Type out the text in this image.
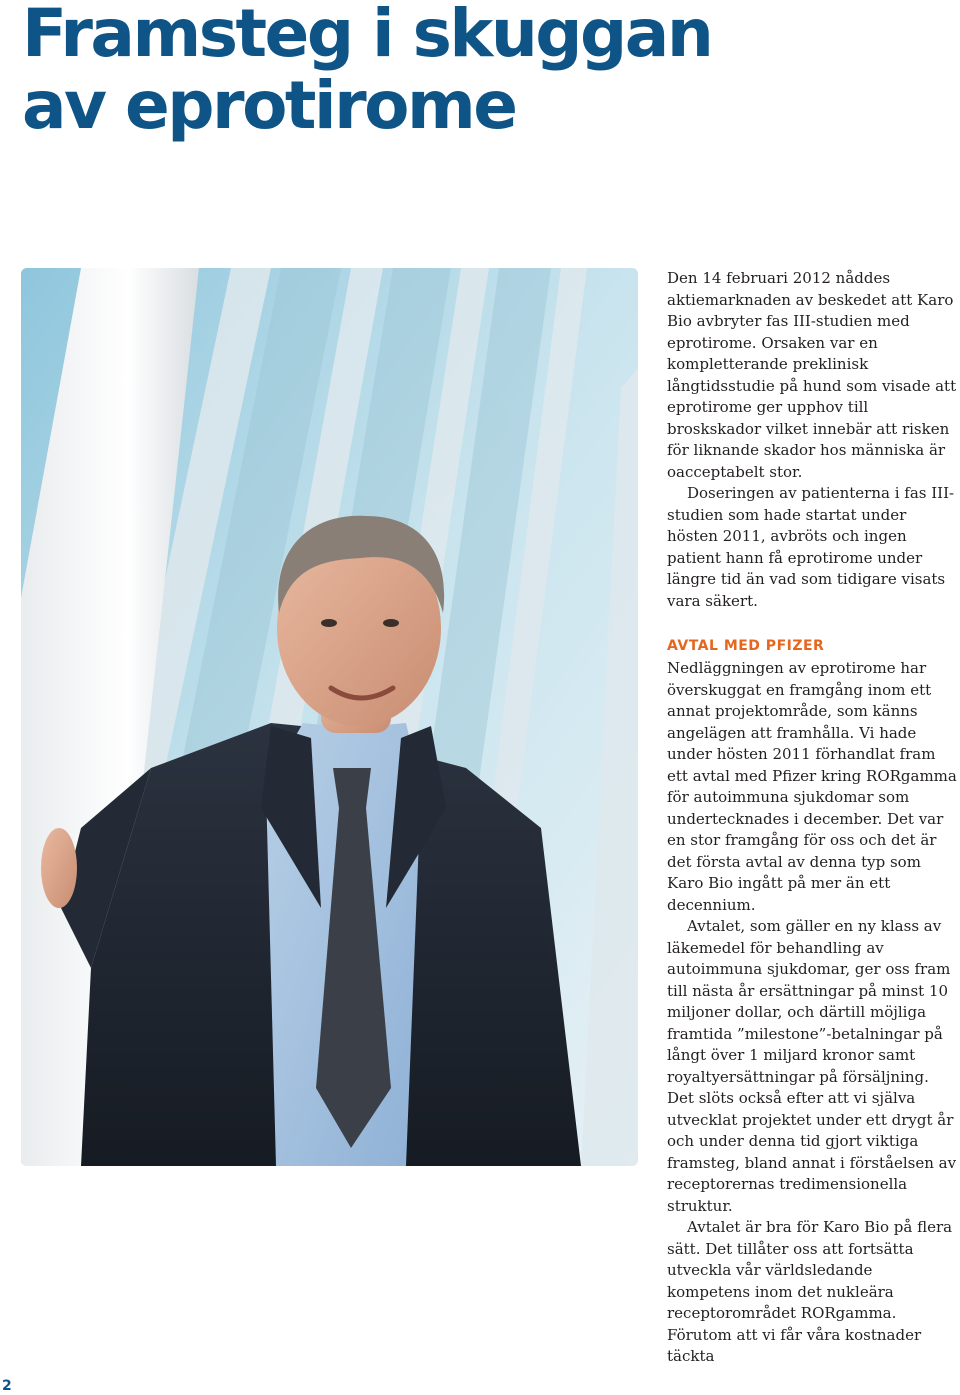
Framsteg i skuggan
av eprotirome

Den 14 februari 2012 nåddes aktiemarknaden av beskedet att Karo Bio avbryter fas III-studien med eprotirome. Orsaken var en kompletterande preklinisk långtidsstudie på hund som visade att eprotirome ger upphov till broskskador vilket innebär att risken för liknande skador hos människa är oacceptabelt stor.

Doseringen av patienterna i fas III-studien som hade startat under hösten 2011, avbröts och ingen patient hann få eprotirome under längre tid än vad som tidigare visats vara säkert.

AVTAL MED PFIZER

Nedläggningen av eprotirome har överskuggat en framgång inom ett annat projektområde, som känns angelägen att framhålla. Vi hade under hösten 2011 förhandlat fram ett avtal med Pfizer kring RORgamma för autoimmuna sjukdomar som undertecknades i december. Det var en stor framgång för oss och det är det första avtal av denna typ som Karo Bio ingått på mer än ett decennium.

Avtalet, som gäller en ny klass av läkemedel för behandling av autoimmuna sjukdomar, ger oss fram till nästa år ersättningar på minst 10 miljoner dollar, och därtill möjliga framtida ”milestone”-betalningar på långt över 1 miljard kronor samt royaltyersättningar på försäljning. Det slöts också efter att vi själva utvecklat projektet under ett drygt år och under denna tid gjort viktiga framsteg, bland annat i förståelsen av receptorernas tredimensionella struktur.

Avtalet är bra för Karo Bio på flera sätt. Det tillåter oss att fortsätta utveckla vår världsledande kompetens inom det nukleära receptorområdet RORgamma. Förutom att vi får våra kostnader täckta

2
